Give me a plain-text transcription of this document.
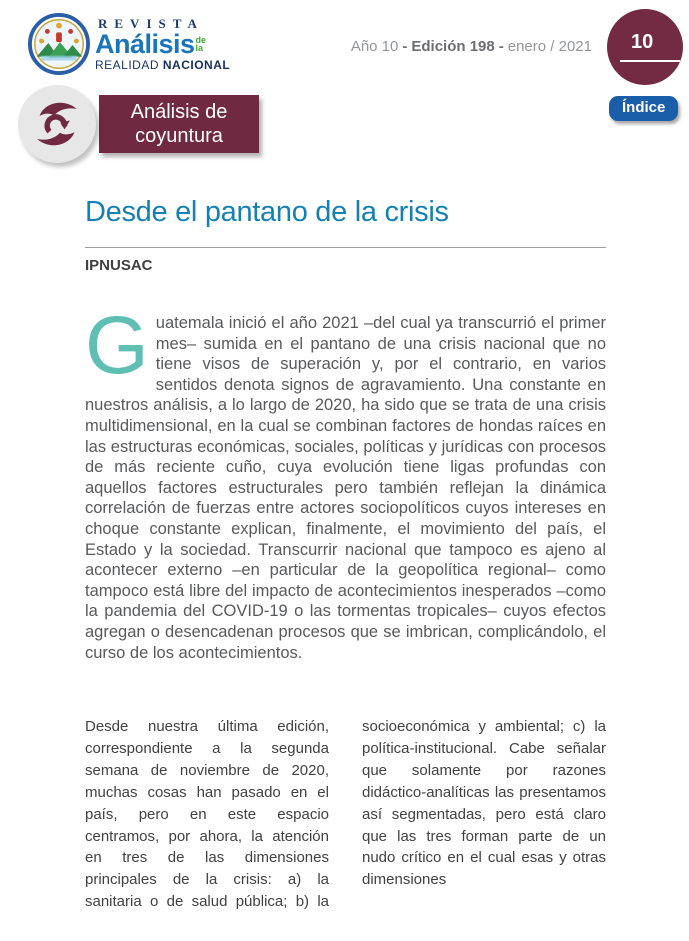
REVISTA
Análisis de
la
REALIDAD NACIONAL
Año 10 - Edición 198 - enero / 2021 10
Índice
Análisis de
coyuntura
Desde el pantano de la crisis
IPNUSAC

Guatemala inició el año 2021 –del cual ya transcurrió el primer mes– sumida en el pantano de una crisis nacional que no tiene visos de superación y, por el contrario, en varios sentidos denota signos de agravamiento. Una constante en nuestros análisis, a lo largo de 2020, ha sido que se trata de una crisis multidimensional, en la cual se combinan factores de hondas raíces en las estructuras económicas, sociales, políticas y jurídicas con procesos de más reciente cuño, cuya evolución tiene ligas profundas con aquellos factores estructurales pero también reflejan la dinámica correlación de fuerzas entre actores sociopolíticos cuyos intereses en choque constante explican, finalmente, el movimiento del país, el Estado y la sociedad. Transcurrir nacional que tampoco es ajeno al acontecer externo –en particular de la geopolítica regional– como tampoco está libre del impacto de acontecimientos inesperados –como la pandemia del COVID-19 o las tormentas tropicales– cuyos efectos agregan o desencadenan procesos que se imbrican, complicándolo, el curso de los acontecimientos.

Desde nuestra última edición, correspondiente a la segunda semana de noviembre de 2020, muchas cosas han pasado en el país, pero en este espacio centramos, por ahora, la atención en tres de las dimensiones principales de la crisis: a) la sanitaria o de salud pública; b) la socioeconómica y ambiental; c) la política-institucional. Cabe señalar que solamente por razones didáctico-analíticas las presentamos así segmentadas, pero está claro que las tres forman parte de un nudo crítico en el cual esas y otras dimensiones
